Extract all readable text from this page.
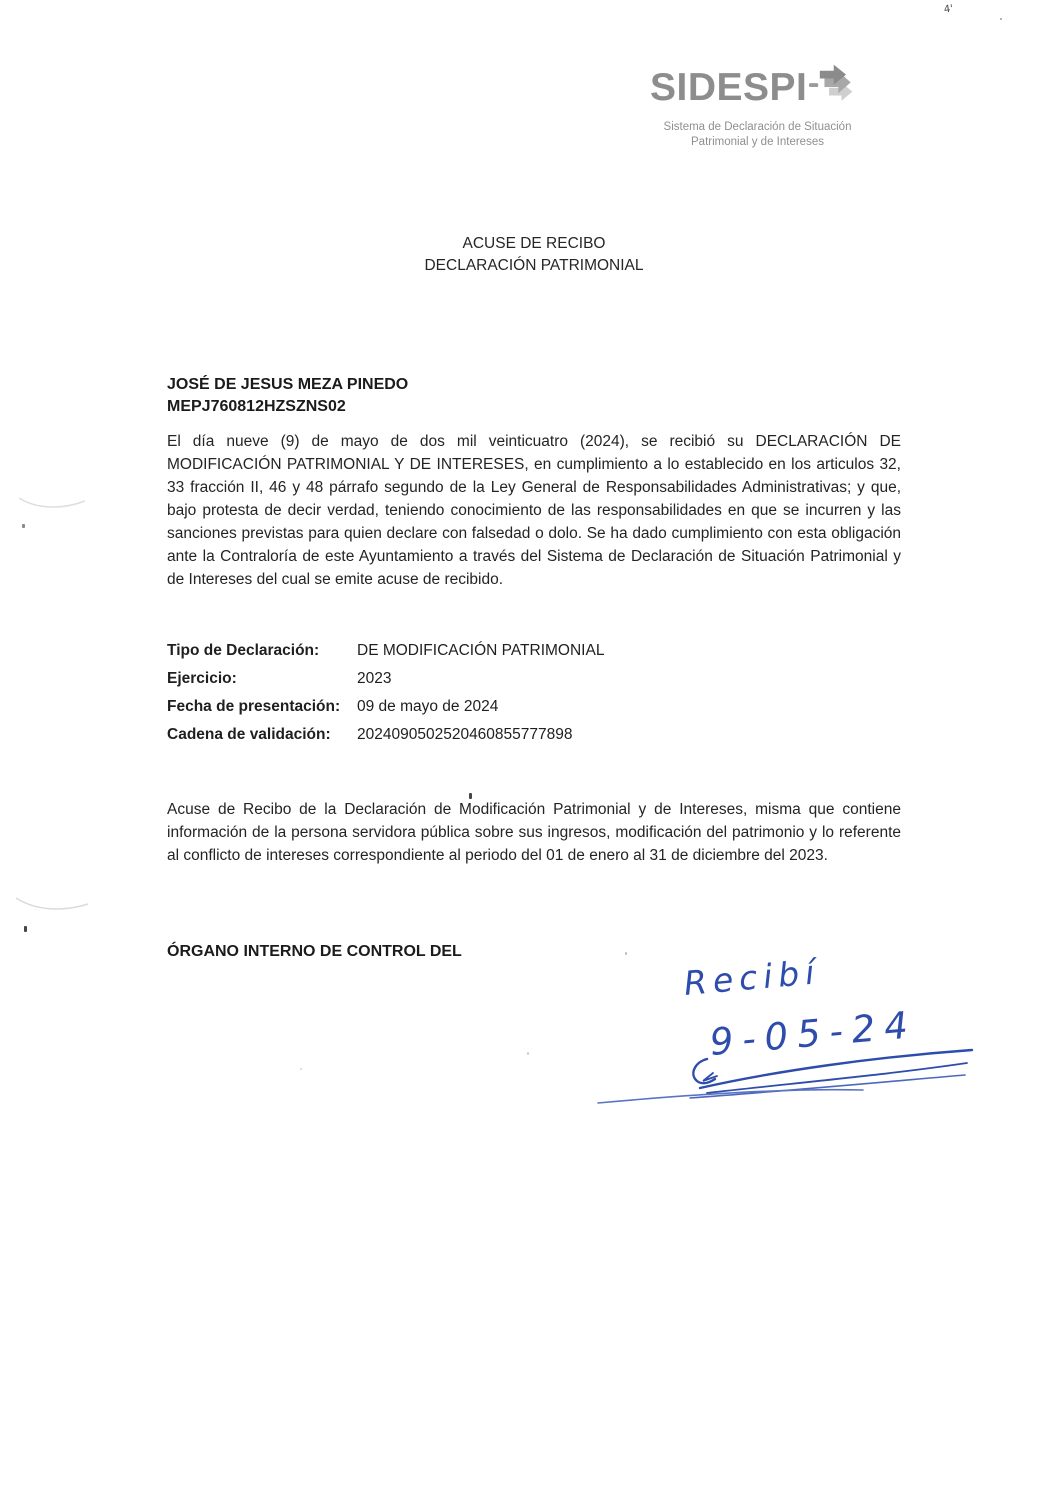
SIDESPI
Sistema de Declaración de Situación
Patrimonial y de Intereses
ACUSE DE RECIBO
DECLARACIÓN PATRIMONIAL
JOSÉ DE JESUS MEZA PINEDO
MEPJ760812HZSZNS02

El día nueve (9) de mayo de dos mil veinticuatro (2024), se recibió su DECLARACIÓN DE MODIFICACIÓN PATRIMONIAL Y DE INTERESES, en cumplimiento a lo establecido en los articulos 32, 33 fracción II, 46 y 48 párrafo segundo de la Ley General de Responsabilidades Administrativas; y que, bajo protesta de decir verdad, teniendo conocimiento de las responsabilidades en que se incurren y las sanciones previstas para quien declare con falsedad o dolo. Se ha dado cumplimiento con esta obligación ante la Contraloría de este Ayuntamiento a través del Sistema de Declaración de Situación Patrimonial y de Intereses del cual se emite acuse de recibido.

Tipo de Declaración:	DE MODIFICACIÓN PATRIMONIAL
Ejercicio:	2023
Fecha de presentación:	09 de mayo de 2024
Cadena de validación:	2024090502520460855777898

Acuse de Recibo de la Declaración de Modificación Patrimonial y de Intereses, misma que contiene información de la persona servidora pública sobre sus ingresos, modificación del patrimonio y lo referente al conflicto de intereses correspondiente al periodo del 01 de enero al 31 de diciembre del 2023.

ÓRGANO INTERNO DE CONTROL DEL
Recibí
9-05-24
4'
